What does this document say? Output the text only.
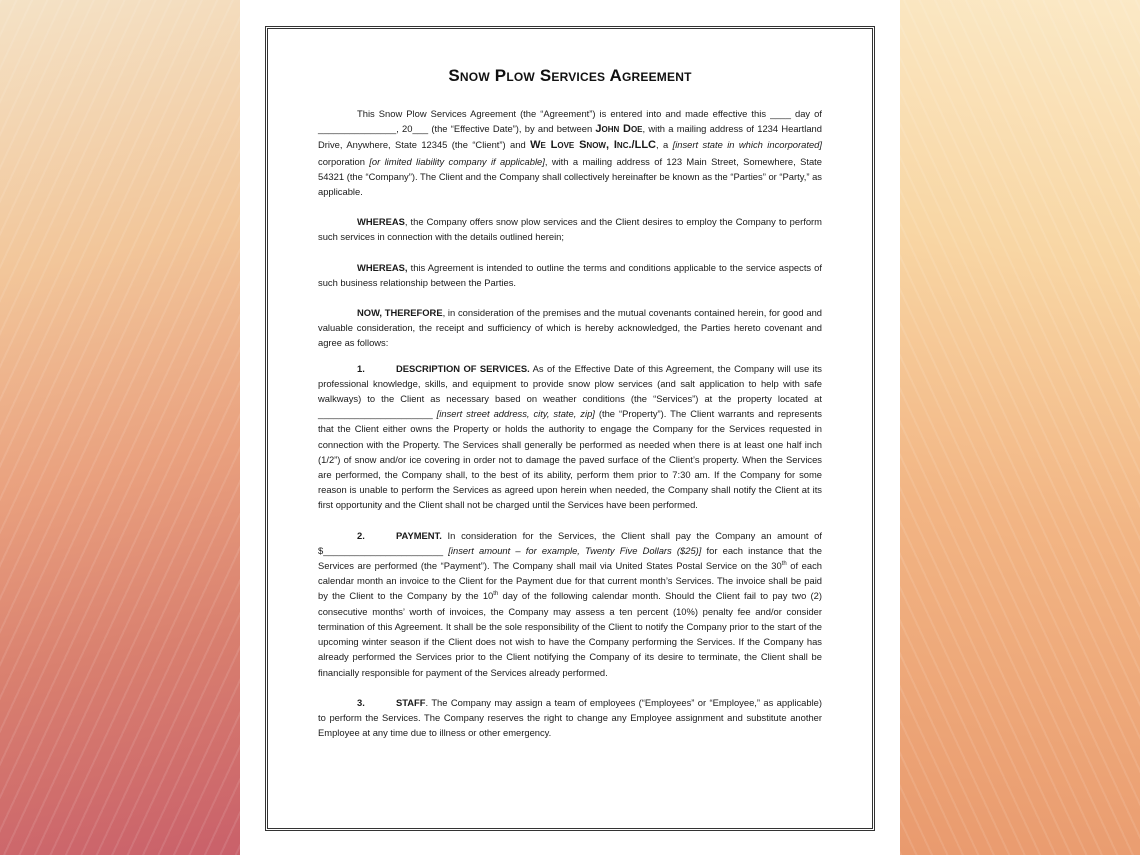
Snow Plow Services Agreement

This Snow Plow Services Agreement (the “Agreement”) is entered into and made effective this ____ day of _______________, 20___ (the “Effective Date”), by and between John Doe, with a mailing address of 1234 Heartland Drive, Anywhere, State 12345 (the “Client”) and We Love Snow, Inc./LLC, a [insert state in which incorporated] corporation [or limited liability company if applicable], with a mailing address of 123 Main Street, Somewhere, State 54321 (the “Company”). The Client and the Company shall collectively hereinafter be known as the “Parties” or “Party,” as applicable.

WHEREAS, the Company offers snow plow services and the Client desires to employ the Company to perform such services in connection with the details outlined herein;

WHEREAS, this Agreement is intended to outline the terms and conditions applicable to the service aspects of such business relationship between the Parties.

NOW, THEREFORE, in consideration of the premises and the mutual covenants contained herein, for good and valuable consideration, the receipt and sufficiency of which is hereby acknowledged, the Parties hereto covenant and agree as follows:

1.	DESCRIPTION OF SERVICES. As of the Effective Date of this Agreement, the Company will use its professional knowledge, skills, and equipment to provide snow plow services (and salt application to help with safe walkways) to the Client as necessary based on weather conditions (the “Services”) at the property located at ______________________ [insert street address, city, state, zip] (the “Property”). The Client warrants and represents that the Client either owns the Property or holds the authority to engage the Company for the Services requested in connection with the Property. The Services shall generally be performed as needed when there is at least one half inch (1/2”) of snow and/or ice covering in order not to damage the paved surface of the Client’s property. When the Services are performed, the Company shall, to the best of its ability, perform them prior to 7:30 am. If the Company for some reason is unable to perform the Services as agreed upon herein when needed, the Company shall notify the Client at its first opportunity and the Client shall not be charged until the Services have been performed.

2.	PAYMENT. In consideration for the Services, the Client shall pay the Company an amount of $_______________________ [insert amount – for example, Twenty Five Dollars ($25)] for each instance that the Services are performed (the “Payment”). The Company shall mail via United States Postal Service on the 30th of each calendar month an invoice to the Client for the Payment due for that current month’s Services. The invoice shall be paid by the Client to the Company by the 10th day of the following calendar month. Should the Client fail to pay two (2) consecutive months’ worth of invoices, the Company may assess a ten percent (10%) penalty fee and/or consider termination of this Agreement. It shall be the sole responsibility of the Client to notify the Company prior to the start of the upcoming winter season if the Client does not wish to have the Company performing the Services. If the Company has already performed the Services prior to the Client notifying the Company of its desire to terminate, the Client shall be financially responsible for payment of the Services already performed.

3.	STAFF. The Company may assign a team of employees (“Employees” or “Employee,” as applicable) to perform the Services. The Company reserves the right to change any Employee assignment and substitute another Employee at any time due to illness or other emergency.
